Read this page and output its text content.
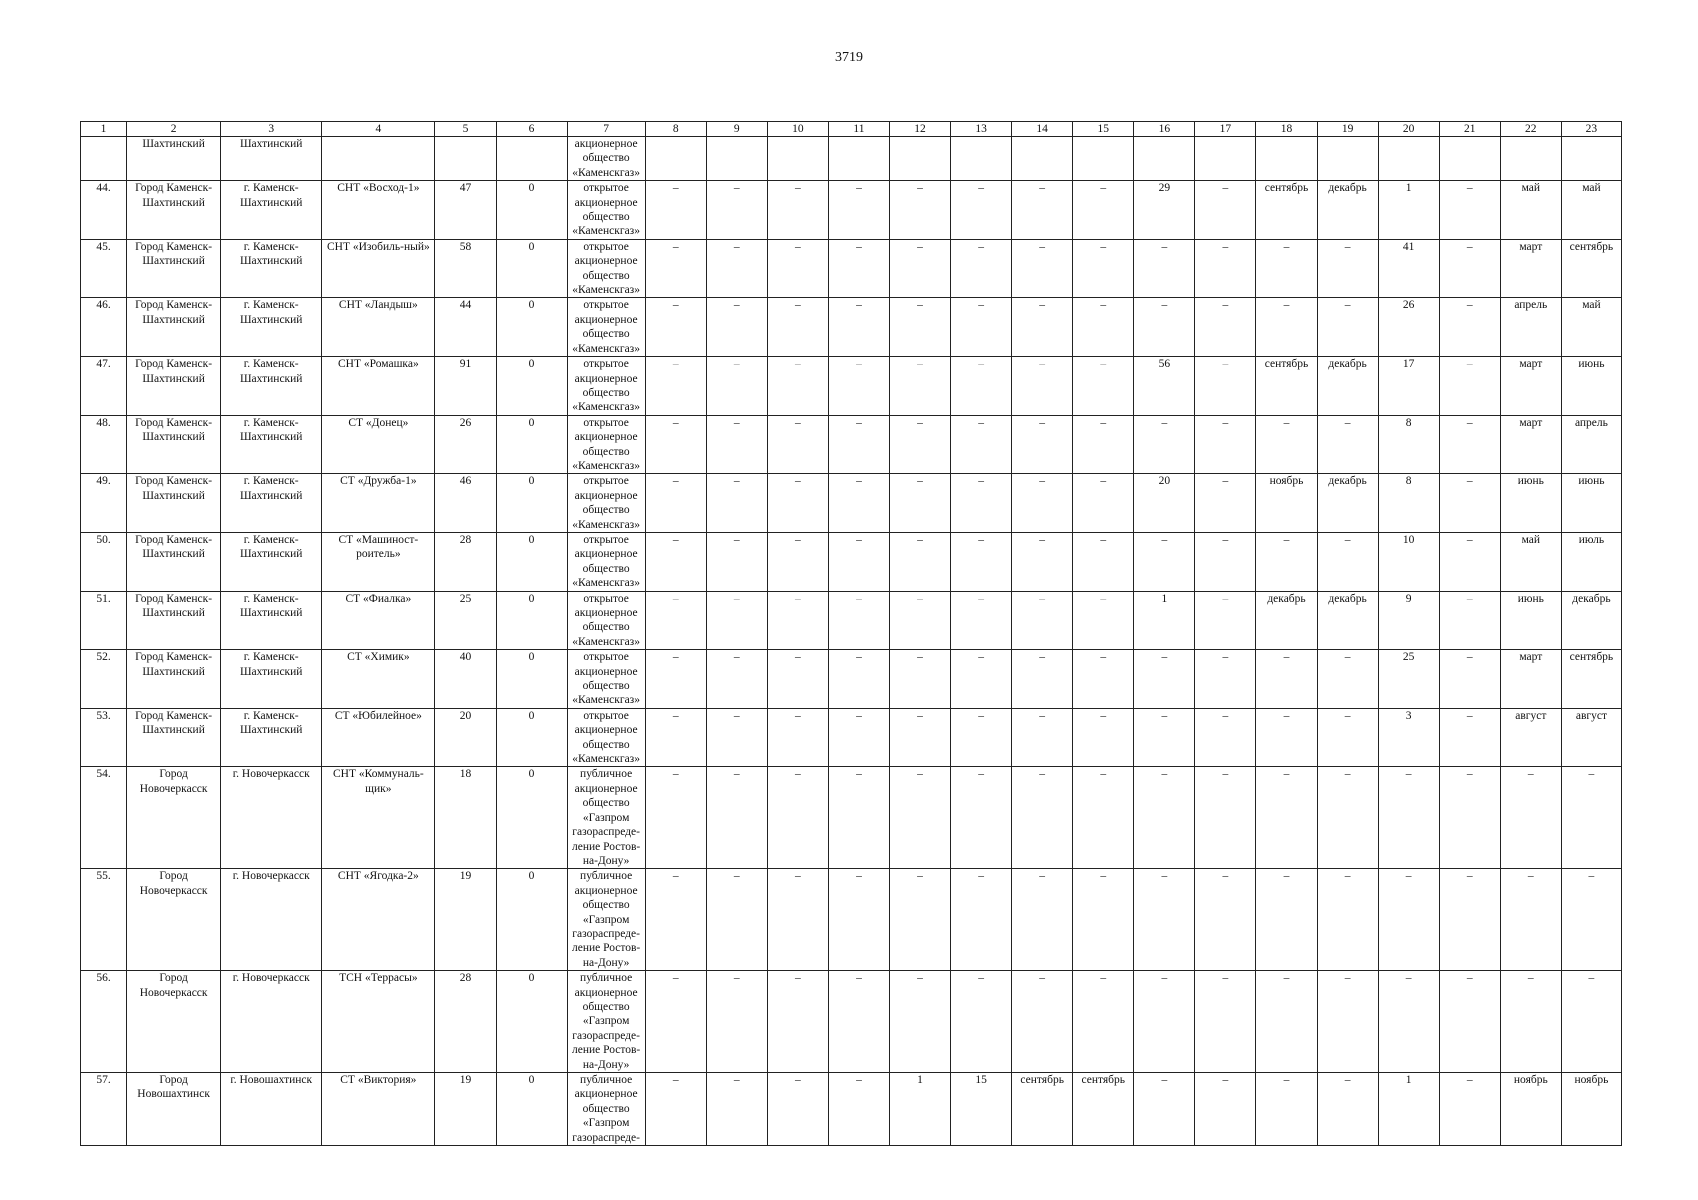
3719
1	2	3	4	5	6	7	8	9	10	11	12	13	14	15	16	17	18	19	20	21	22	23
	Шахтинский	Шахтинский				акционерное общество «Каменскгаз»																
44.	Город Каменск-Шахтинский	г. Каменск-Шахтинский	СНТ «Восход-1»	47	0	открытое акционерное общество «Каменскгаз»	–	–	–	–	–	–	–	–	29	–	сентябрь	декабрь	1	–	май	май
45.	Город Каменск-Шахтинский	г. Каменск-Шахтинский	СНТ «Изобиль-ный»	58	0	открытое акционерное общество «Каменскгаз»	–	–	–	–	–	–	–	–	–	–	–	–	41	–	март	сентябрь
46.	Город Каменск-Шахтинский	г. Каменск-Шахтинский	СНТ «Ландыш»	44	0	открытое акционерное общество «Каменскгаз»	–	–	–	–	–	–	–	–	–	–	–	–	26	–	апрель	май
47.	Город Каменск-Шахтинский	г. Каменск-Шахтинский	СНТ «Ромашка»	91	0	открытое акционерное общество «Каменскгаз»	–	–	–	–	–	–	–	–	56	–	сентябрь	декабрь	17	–	март	июнь
48.	Город Каменск-Шахтинский	г. Каменск-Шахтинский	СТ «Донец»	26	0	открытое акционерное общество «Каменскгаз»	–	–	–	–	–	–	–	–	–	–	–	–	8	–	март	апрель
49.	Город Каменск-Шахтинский	г. Каменск-Шахтинский	СТ «Дружба-1»	46	0	открытое акционерное общество «Каменскгаз»	–	–	–	–	–	–	–	–	20	–	ноябрь	декабрь	8	–	июнь	июнь
50.	Город Каменск-Шахтинский	г. Каменск-Шахтинский	СТ «Машиност-роитель»	28	0	открытое акционерное общество «Каменскгаз»	–	–	–	–	–	–	–	–	–	–	–	–	10	–	май	июль
51.	Город Каменск-Шахтинский	г. Каменск-Шахтинский	СТ «Фиалка»	25	0	открытое акционерное общество «Каменскгаз»	–	–	–	–	–	–	–	–	1	–	декабрь	декабрь	9	–	июнь	декабрь
52.	Город Каменск-Шахтинский	г. Каменск-Шахтинский	СТ «Химик»	40	0	открытое акционерное общество «Каменскгаз»	–	–	–	–	–	–	–	–	–	–	–	–	25	–	март	сентябрь
53.	Город Каменск-Шахтинский	г. Каменск-Шахтинский	СТ «Юбилейное»	20	0	открытое акционерное общество «Каменскгаз»	–	–	–	–	–	–	–	–	–	–	–	–	3	–	август	август
54.	Город Новочеркасск	г. Новочеркасск	СНТ «Коммуналь-щик»	18	0	публичное акционерное общество «Газпром газораспреде-ление Ростов-на-Дону»	–	–	–	–	–	–	–	–	–	–	–	–	–	–	–	–
55.	Город Новочеркасск	г. Новочеркасск	СНТ «Ягодка-2»	19	0	публичное акционерное общество «Газпром газораспреде-ление Ростов-на-Дону»	–	–	–	–	–	–	–	–	–	–	–	–	–	–	–	–
56.	Город Новочеркасск	г. Новочеркасск	ТСН «Террасы»	28	0	публичное акционерное общество «Газпром газораспреде-ление Ростов-на-Дону»	–	–	–	–	–	–	–	–	–	–	–	–	–	–	–	–
57.	Город Новошахтинск	г. Новошахтинск	СТ «Виктория»	19	0	публичное акционерное общество «Газпром газораспреде-	–	–	–	–	1	15	сентябрь	сентябрь	–	–	–	–	1	–	ноябрь	ноябрь
